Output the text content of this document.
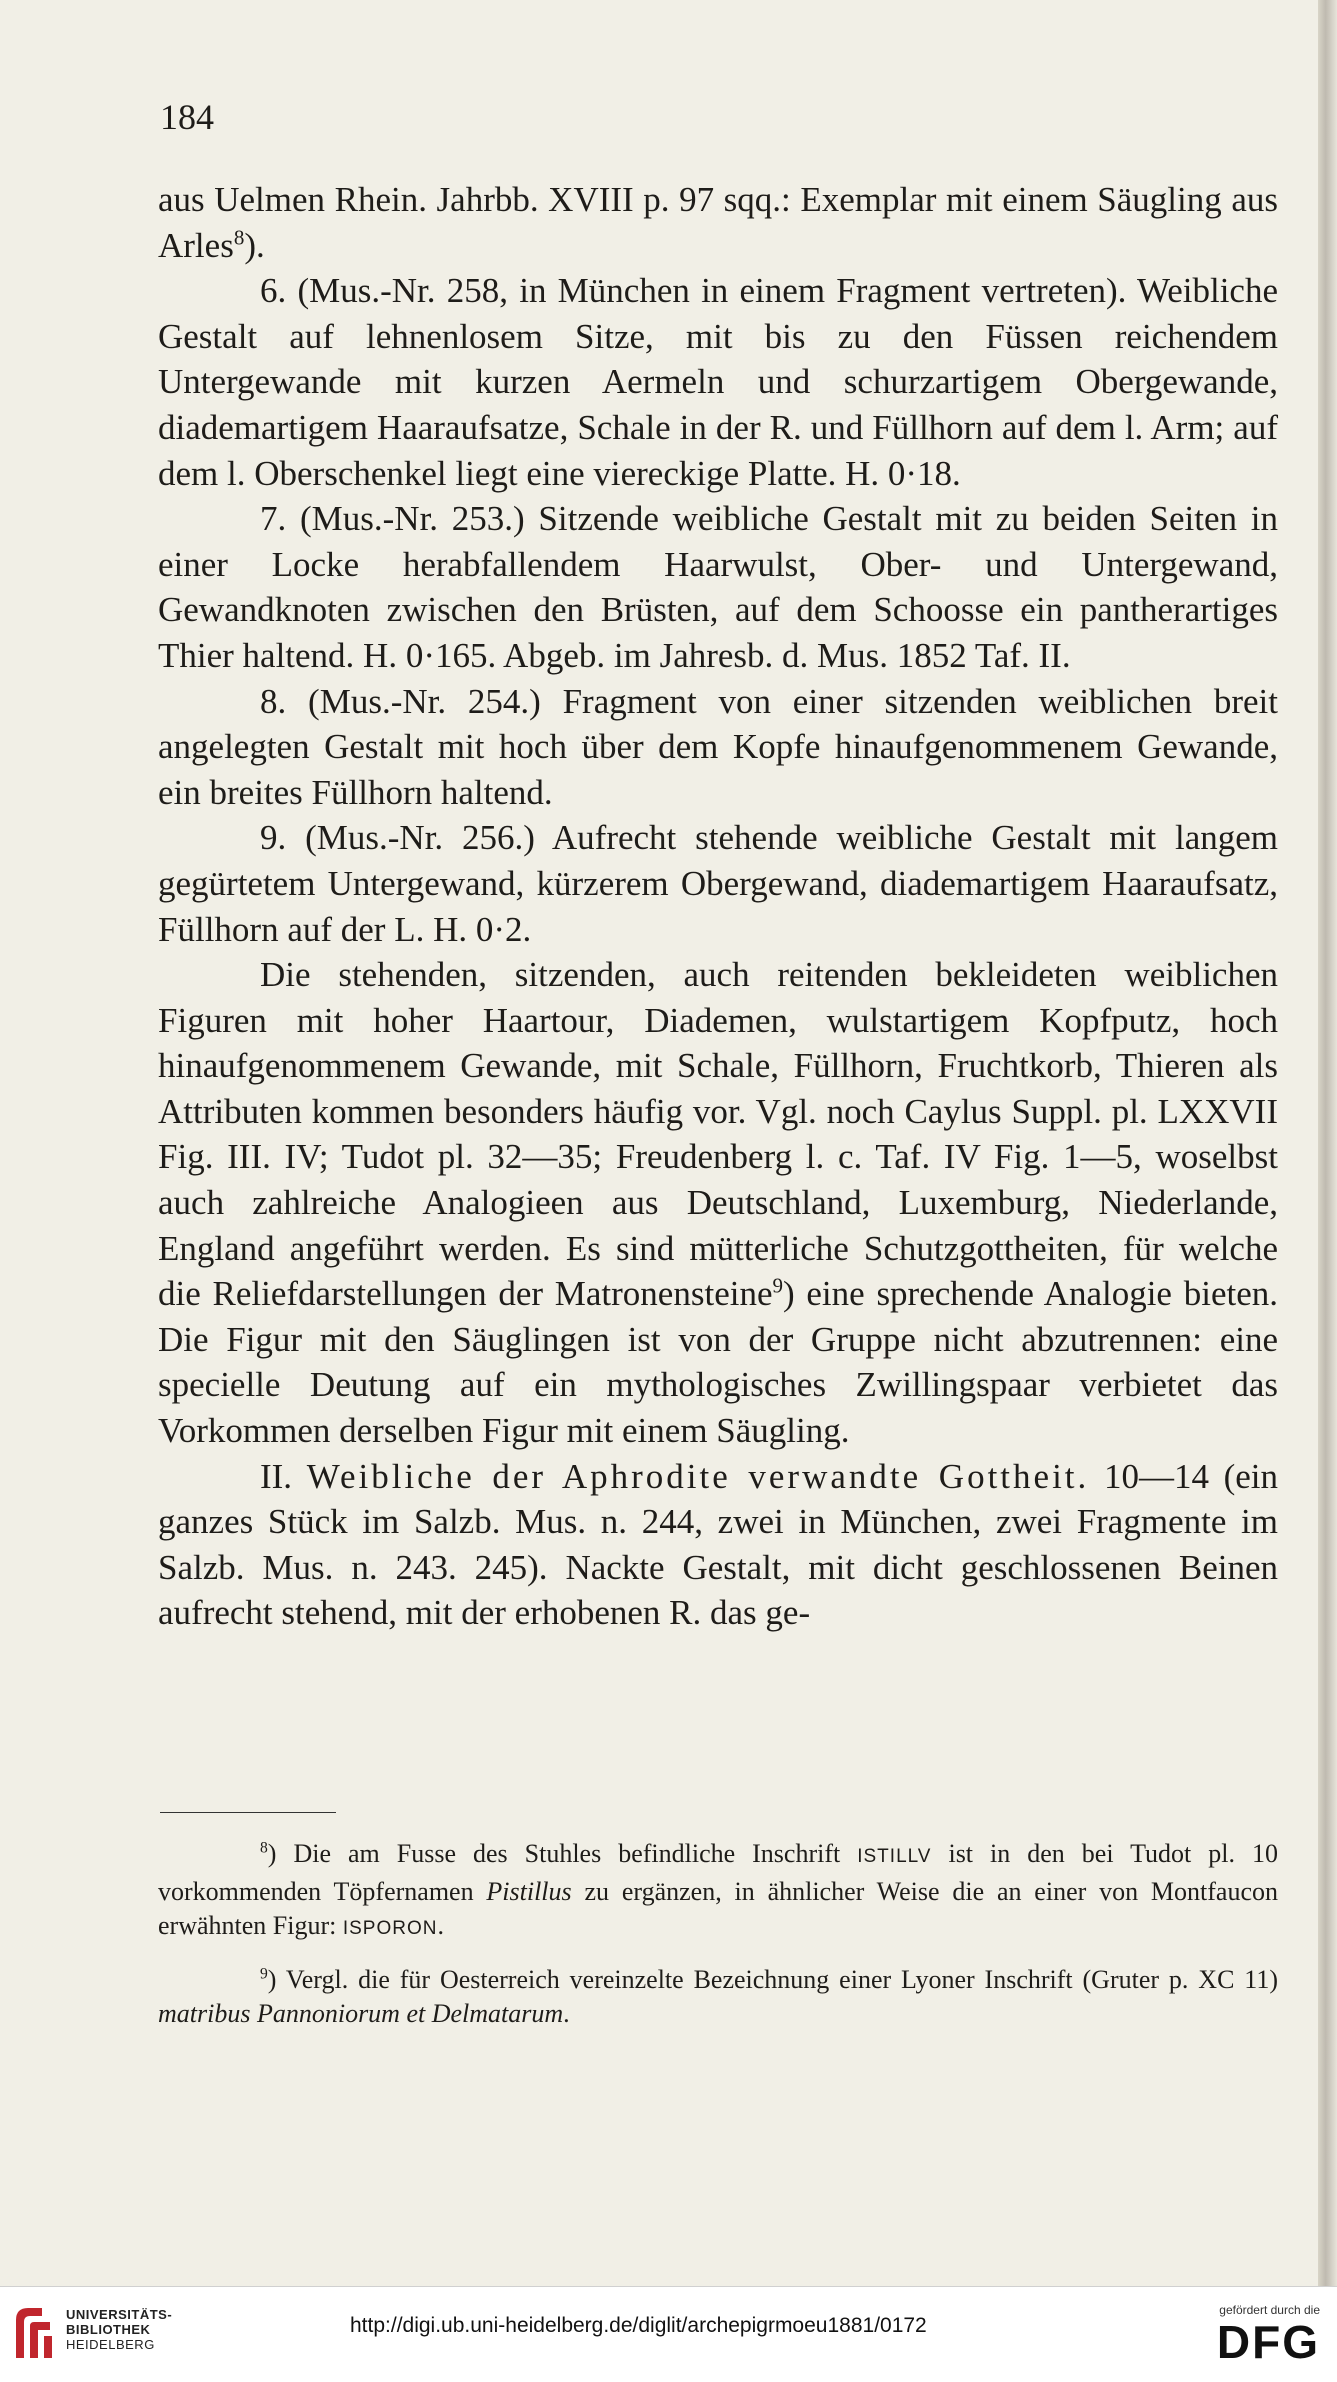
184

aus Uelmen Rhein. Jahrbb. XVIII p. 97 sqq.: Exemplar mit einem Säugling aus Arles$^8$).

6. (Mus.-Nr. 258, in München in einem Fragment vertreten). Weibliche Gestalt auf lehnenlosem Sitze, mit bis zu den Füssen reichendem Untergewande mit kurzen Aermeln und schurzartigem Obergewande, diademartigem Haaraufsatze, Schale in der R. und Füllhorn auf dem l. Arm; auf dem l. Oberschenkel liegt eine viereckige Platte. H. 0·18.

7. (Mus.-Nr. 253.) Sitzende weibliche Gestalt mit zu beiden Seiten in einer Locke herabfallendem Haarwulst, Ober- und Untergewand, Gewandknoten zwischen den Brüsten, auf dem Schoosse ein pantherartiges Thier haltend. H. 0·165. Abgeb. im Jahresb. d. Mus. 1852 Taf. II.

8. (Mus.-Nr. 254.) Fragment von einer sitzenden weiblichen breit angelegten Gestalt mit hoch über dem Kopfe hinaufgenommenem Gewande, ein breites Füllhorn haltend.

9. (Mus.-Nr. 256.) Aufrecht stehende weibliche Gestalt mit langem gegürtetem Untergewand, kürzerem Obergewand, diademartigem Haaraufsatz, Füllhorn auf der L. H. 0·2.

Die stehenden, sitzenden, auch reitenden bekleideten weiblichen Figuren mit hoher Haartour, Diademen, wulstartigem Kopfputz, hoch hinaufgenommenem Gewande, mit Schale, Füllhorn, Fruchtkorb, Thieren als Attributen kommen besonders häufig vor. Vgl. noch Caylus Suppl. pl. LXXVII Fig. III. IV; Tudot pl. 32—35; Freudenberg l. c. Taf. IV Fig. 1—5, woselbst auch zahlreiche Analogieen aus Deutschland, Luxemburg, Niederlande, England angeführt werden. Es sind mütterliche Schutzgottheiten, für welche die Reliefdarstellungen der Matronensteine$^9$) eine sprechende Analogie bieten. Die Figur mit den Säuglingen ist von der Gruppe nicht abzutrennen: eine specielle Deutung auf ein mythologisches Zwillingspaar verbietet das Vorkommen derselben Figur mit einem Säugling.

II. Weibliche der Aphrodite verwandte Gottheit. 10—14 (ein ganzes Stück im Salzb. Mus. n. 244, zwei in München, zwei Fragmente im Salzb. Mus. n. 243. 245). Nackte Gestalt, mit dicht geschlossenen Beinen aufrecht stehend, mit der erhobenen R. das ge-

$^8$) Die am Fusse des Stuhles befindliche Inschrift ISTILLV ist in den bei Tudot pl. 10 vorkommenden Töpfernamen Pistillus zu ergänzen, in ähnlicher Weise die an einer von Montfaucon erwähnten Figur: ISPORON.

$^9$) Vergl. die für Oesterreich vereinzelte Bezeichnung einer Lyoner Inschrift (Gruter p. XC 11) matribus Pannoniorum et Delmatarum.

UNIVERSITÄTS-
BIBLIOTHEK
HEIDELBERG
http://digi.ub.uni-heidelberg.de/diglit/archepigrmoeu1881/0172

gefördert durch die

DFG
